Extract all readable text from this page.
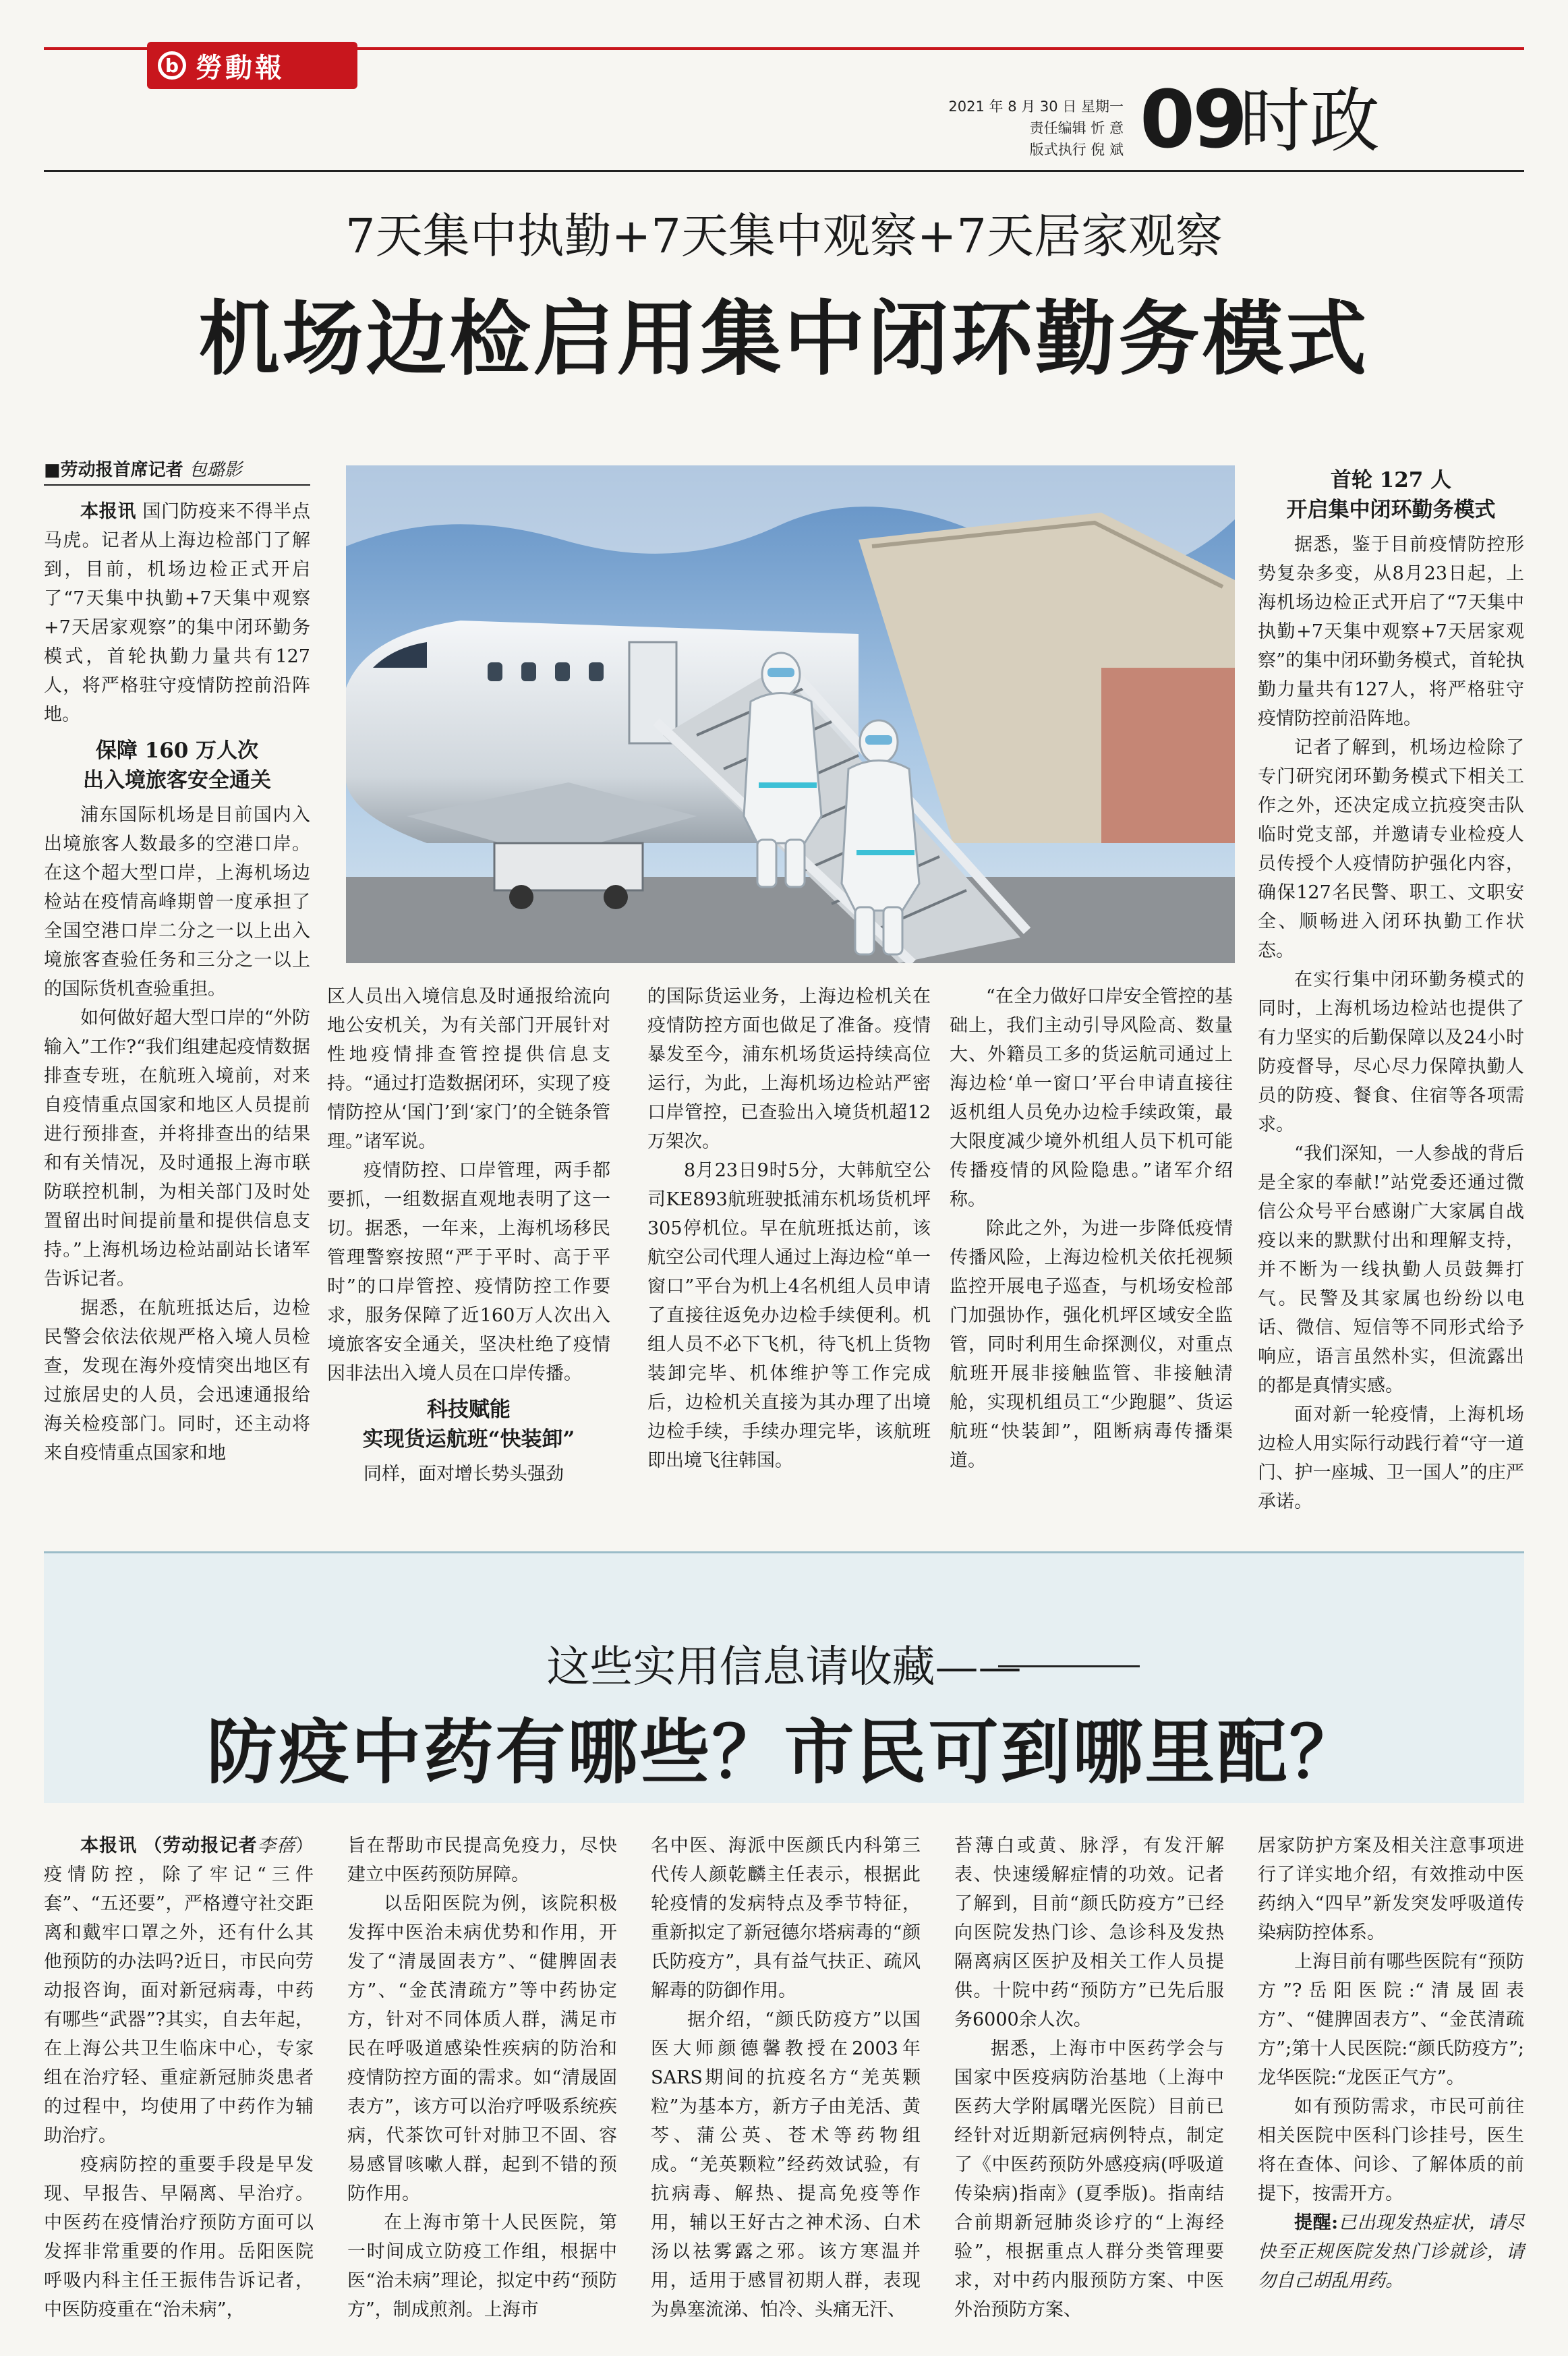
b 勞動報
2021 年 8 月 30 日 星期一
责任编辑 忻 意
版式执行 倪 斌 09
时政
7天集中执勤+7天集中观察+7天居家观察
机场边检启用集中闭环勤务模式
■劳动报首席记者 包璐影

本报讯 国门防疫来不得半点马虎。记者从上海边检部门了解到，目前，机场边检正式开启了“7天集中执勤+7天集中观察+7天居家观察”的集中闭环勤务模式，首轮执勤力量共有127人，将严格驻守疫情防控前沿阵地。

保障 160 万人次
出入境旅客安全通关

浦东国际机场是目前国内入出境旅客人数最多的空港口岸。在这个超大型口岸，上海机场边检站在疫情高峰期曾一度承担了全国空港口岸二分之一以上出入境旅客查验任务和三分之一以上的国际货机查验重担。

如何做好超大型口岸的“外防输入”工作?“我们组建起疫情数据排查专班，在航班入境前，对来自疫情重点国家和地区人员提前进行预排查，并将排查出的结果和有关情况，及时通报上海市联防联控机制，为相关部门及时处置留出时间提前量和提供信息支持。”上海机场边检站副站长诸军告诉记者。

据悉，在航班抵达后，边检民警会依法依规严格入境人员检查，发现在海外疫情突出地区有过旅居史的人员，会迅速通报给海关检疫部门。同时，还主动将来自疫情重点国家和地

区人员出入境信息及时通报给流向地公安机关，为有关部门开展针对性地疫情排查管控提供信息支持。“通过打造数据闭环，实现了疫情防控从‘国门’到‘家门’的全链条管理。”诸军说。

疫情防控、口岸管理，两手都要抓，一组数据直观地表明了这一切。据悉，一年来，上海机场移民管理警察按照“严于平时、高于平时”的口岸管控、疫情防控工作要求，服务保障了近160万人次出入境旅客安全通关，坚决杜绝了疫情因非法出入境人员在口岸传播。

科技赋能
实现货运航班“快装卸”

同样，面对增长势头强劲

的国际货运业务，上海边检机关在疫情防控方面也做足了准备。疫情暴发至今，浦东机场货运持续高位运行，为此，上海机场边检站严密口岸管控，已查验出入境货机超12万架次。

8月23日9时5分，大韩航空公司KE893航班驶抵浦东机场货机坪305停机位。早在航班抵达前，该航空公司代理人通过上海边检“单一窗口”平台为机上4名机组人员申请了直接往返免办边检手续便利。机组人员不必下飞机，待飞机上货物装卸完毕、机体维护等工作完成后，边检机关直接为其办理了出境边检手续，手续办理完毕，该航班即出境飞往韩国。

“在全力做好口岸安全管控的基础上，我们主动引导风险高、数量大、外籍员工多的货运航司通过上海边检‘单一窗口’平台申请直接往返机组人员免办边检手续政策，最大限度减少境外机组人员下机可能传播疫情的风险隐患。”诸军介绍称。

除此之外，为进一步降低疫情传播风险，上海边检机关依托视频监控开展电子巡查，与机场安检部门加强协作，强化机坪区域安全监管，同时利用生命探测仪，对重点航班开展非接触监管、非接触清舱，实现机组员工“少跑腿”、货运航班“快装卸”，阻断病毒传播渠道。

首轮 127 人
开启集中闭环勤务模式

据悉，鉴于目前疫情防控形势复杂多变，从8月23日起，上海机场边检正式开启了“7天集中执勤+7天集中观察+7天居家观察”的集中闭环勤务模式，首轮执勤力量共有127人，将严格驻守疫情防控前沿阵地。

记者了解到，机场边检除了专门研究闭环勤务模式下相关工作之外，还决定成立抗疫突击队临时党支部，并邀请专业检疫人员传授个人疫情防护强化内容，确保127名民警、职工、文职安全、顺畅进入闭环执勤工作状态。

在实行集中闭环勤务模式的同时，上海机场边检站也提供了有力坚实的后勤保障以及24小时防疫督导，尽心尽力保障执勤人员的防疫、餐食、住宿等各项需求。

“我们深知，一人参战的背后是全家的奉献!”站党委还通过微信公众号平台感谢广大家属自战疫以来的默默付出和理解支持，并不断为一线执勤人员鼓舞打气。民警及其家属也纷纷以电话、微信、短信等不同形式给予响应，语言虽然朴实，但流露出的都是真情实感。

面对新一轮疫情，上海机场边检人用实际行动践行着“守一道门、护一座城、卫一国人”的庄严承诺。

这些实用信息请收藏——
防疫中药有哪些？市民可到哪里配？

本报讯 （劳动报记者李蓓）疫情防控，除了牢记“三件套”、“五还要”，严格遵守社交距离和戴牢口罩之外，还有什么其他预防的办法吗?近日，市民向劳动报咨询，面对新冠病毒，中药有哪些“武器”?其实，自去年起，在上海公共卫生临床中心，专家组在治疗轻、重症新冠肺炎患者的过程中，均使用了中药作为辅助治疗。

疫病防控的重要手段是早发现、早报告、早隔离、早治疗。中医药在疫情治疗预防方面可以发挥非常重要的作用。岳阳医院呼吸内科主任王振伟告诉记者，中医防疫重在“治未病”，

旨在帮助市民提高免疫力，尽快建立中医药预防屏障。

以岳阳医院为例，该院积极发挥中医治未病优势和作用，开发了“清晟固表方”、“健脾固表方”、“金芪清疏方”等中药协定方，针对不同体质人群，满足市民在呼吸道感染性疾病的防治和疫情防控方面的需求。如“清晟固表方”，该方可以治疗呼吸系统疾病，代茶饮可针对肺卫不固、容易感冒咳嗽人群，起到不错的预防作用。

在上海市第十人民医院，第一时间成立防疫工作组，根据中医“治未病”理论，拟定中药“预防方”，制成煎剂。上海市

名中医、海派中医颜氏内科第三代传人颜乾麟主任表示，根据此轮疫情的发病特点及季节特征，重新拟定了新冠德尔塔病毒的“颜氏防疫方”，具有益气扶正、疏风解毒的防御作用。

据介绍，“颜氏防疫方”以国医大师颜德馨教授在2003年SARS期间的抗疫名方“羌英颗粒”为基本方，新方子由羌活、黄芩、蒲公英、苍术等药物组成。“羌英颗粒”经药效试验，有抗病毒、解热、提高免疫等作用，辅以王好古之神术汤、白术汤以祛雾露之邪。该方寒温并用，适用于感冒初期人群，表现为鼻塞流涕、怕冷、头痛无汗、

苔薄白或黄、脉浮，有发汗解表、快速缓解症情的功效。记者了解到，目前“颜氏防疫方”已经向医院发热门诊、急诊科及发热隔离病区医护及相关工作人员提供。十院中药“预防方”已先后服务6000余人次。

据悉，上海市中医药学会与国家中医疫病防治基地（上海中医药大学附属曙光医院）目前已经针对近期新冠病例特点，制定了《中医药预防外感疫病(呼吸道传染病)指南》(夏季版)。指南结合前期新冠肺炎诊疗的“上海经验”，根据重点人群分类管理要求，对中药内服预防方案、中医外治预防方案、

居家防护方案及相关注意事项进行了详实地介绍，有效推动中医药纳入“四早”新发突发呼吸道传染病防控体系。

上海目前有哪些医院有“预防方”?岳阳医院:“清晟固表方”、“健脾固表方”、“金芪清疏方”;第十人民医院:“颜氏防疫方”;龙华医院:“龙医正气方”。

如有预防需求，市民可前往相关医院中医科门诊挂号，医生将在查体、问诊、了解体质的前提下，按需开方。

提醒:已出现发热症状，请尽快至正规医院发热门诊就诊，请勿自己胡乱用药。
